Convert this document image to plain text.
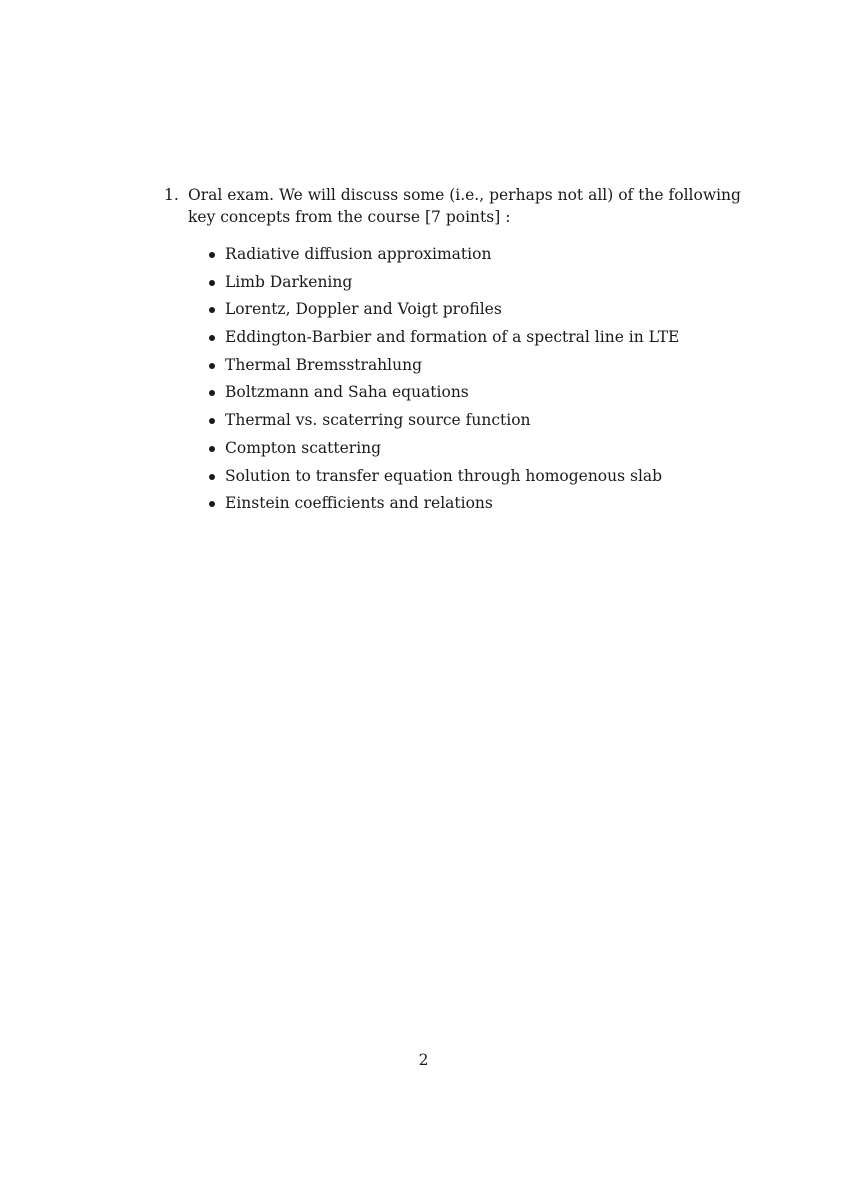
1. Oral exam. We will discuss some (i.e., perhaps not all) of the following
key concepts from the course [7 points] :
Radiative diffusion approximation
Limb Darkening
Lorentz, Doppler and Voigt profiles
Eddington-Barbier and formation of a spectral line in LTE
Thermal Bremsstrahlung
Boltzmann and Saha equations
Thermal vs. scaterring source function
Compton scattering
Solution to transfer equation through homogenous slab
Einstein coefficients and relations
2
